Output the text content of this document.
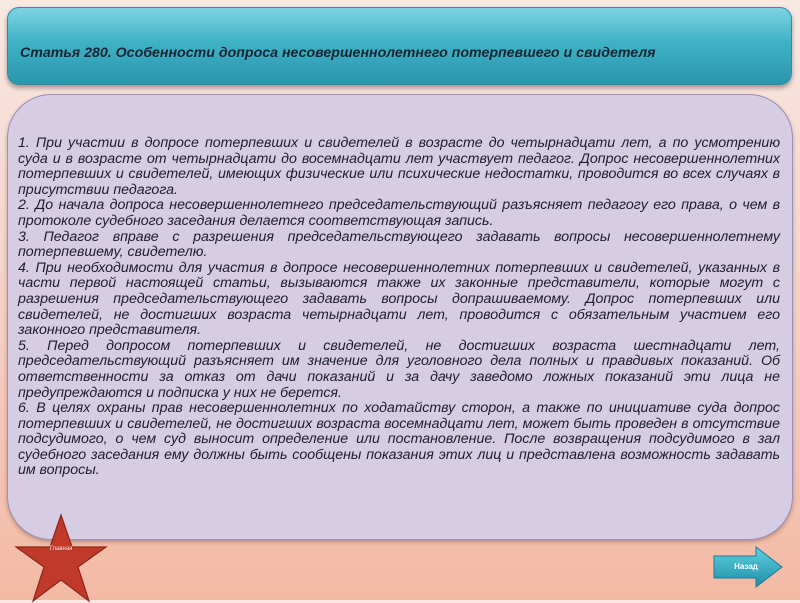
Статья 280. Особенности допроса несовершеннолетнего потерпевшего и свидетеля

1. При участии в допросе потерпевших и свидетелей в возрасте до четырнадцати лет, а по усмотрению суда и в возрасте от четырнадцати до восемнадцати лет участвует педагог. Допрос несовершеннолетних потерпевших и свидетелей, имеющих физические или психические недостатки, проводится во всех случаях в присутствии педагога.

2. До начала допроса несовершеннолетнего председательствующий разъясняет педагогу его права, о чем в протоколе судебного заседания делается соответствующая запись.

3. Педагог вправе с разрешения председательствующего задавать вопросы несовершеннолетнему потерпевшему, свидетелю.

4. При необходимости для участия в допросе несовершеннолетних потерпевших и свидетелей, указанных в части первой настоящей статьи, вызываются также их законные представители, которые могут с разрешения председательствующего задавать вопросы допрашиваемому. Допрос потерпевших или свидетелей, не достигших возраста четырнадцати лет, проводится с обязательным участием его законного представителя.

5. Перед допросом потерпевших и свидетелей, не достигших возраста шестнадцати лет, председательствующий разъясняет им значение для уголовного дела полных и правдивых показаний. Об ответственности за отказ от дачи показаний и за дачу заведомо ложных показаний эти лица не предупреждаются и подписка у них не берется.

6. В целях охраны прав несовершеннолетних по ходатайству сторон, а также по инициативе суда допрос потерпевших и свидетелей, не достигших возраста восемнадцати лет, может быть проведен в отсутствие подсудимого, о чем суд выносит определение или постановление. После возвращения подсудимого в зал судебного заседания ему должны быть сообщены показания этих лиц и представлена возможность задавать им вопросы.

Главная
Назад
